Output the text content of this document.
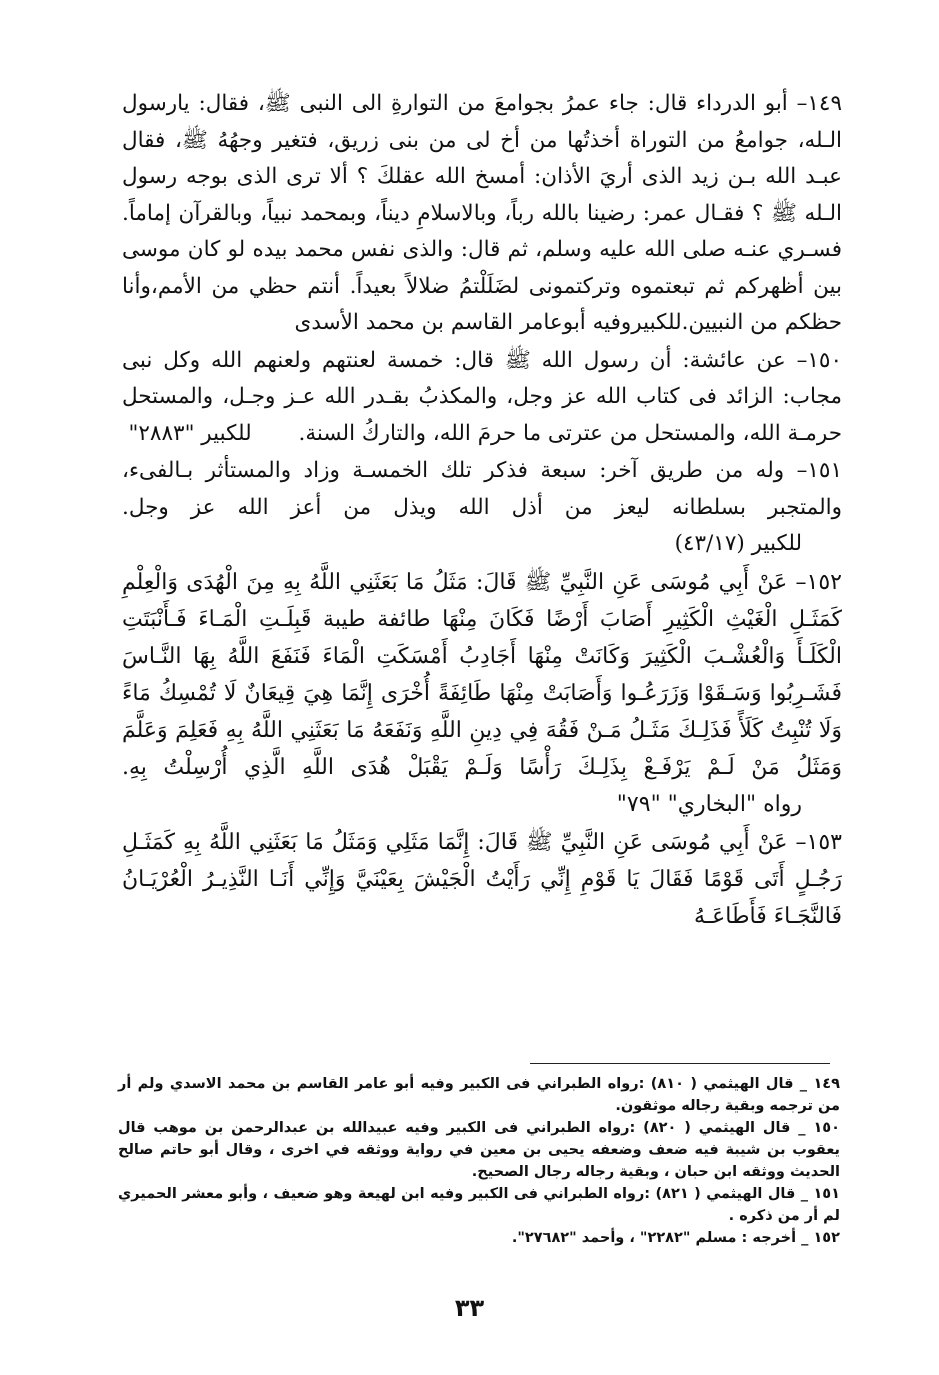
١٤٩– أبو الدرداء قال: جاء عمرُ بجوامعَ من التوارةِ الى النبى ﷺ، فقال: يارسول الـله، جوامعُ من التوراة أخذتُها من أخ لى من بنى زريق، فتغير وجهُهُ ﷺ، فقال عبـد الله بـن زيد الذى أريَ الأذان: أمسخ الله عقلكَ ؟ ألا ترى الذى بوجه رسول الـله ﷺ ؟ فقـال عمر: رضينا بالله رباً، وبالاسلامِ ديناً، وبمحمد نبياً، وبالقرآن إماماً. فسـري عنـه صلى الله عليه وسلم، ثم قال: والذى نفس محمد بيده لو كان موسى بين أظهركم ثم تبعتموه وتركتمونى لضَلَلْتمُ ضلالاً بعيداً. أنتم حظي من الأمم،وأنا حظكم من النبيين.للكبيروفيه أبوعامر القاسم بن محمد الأسدى

١٥٠– عن عائشة: أن رسول الله ﷺ قال: خمسة لعنتهم ولعنهم الله وكل نبى مجاب: الزائد فى كتاب الله عز وجل، والمكذبُ بقـدر الله عـز وجـل، والمستحل حرمـة الله، والمستحل من عترتى ما حرمَ الله، والتاركُ السنة. للكبير "٢٨٨٣"

١٥١– وله من طريق آخر: سبعة فذكر تلك الخمسـة وزاد والمستأثر بـالفىء، والمتجبر بسلطانه ليعز من أذل الله ويذل من أعز الله عز وجل. للكبير (٤٣/١٧)

١٥٢– عَنْ أَبِي مُوسَى عَنِ النَّبِيِّ ﷺ قَالَ: مَثَلُ مَا بَعَثَنِي اللَّهُ بِهِ مِنَ الْهُدَى وَالْعِلْمِ كَمَثَـلِ الْغَيْثِ الْكَثِيرِ أَصَابَ أَرْضًا فَكَانَ مِنْهَا طائفة طيبة قَبِلَـتِ الْمَـاءَ فَـأَنْبَتَتِ الْكَلَـأَ وَالْعُشْـبَ الْكَثِيرَ وَكَانَتْ مِنْهَا أَجَادِبُ أَمْسَكَتِ الْمَاءَ فَنَفَعَ اللَّهُ بِهَا النَّـاسَ فَشَـرِبُوا وَسَـقَوْا وَزَرَعُـوا وَأَصَابَتْ مِنْهَا طَائِفَةً أُخْرَى إِنَّمَا هِيَ قِيعَانٌ لَا تُمْسِكُ مَاءً وَلَا تُنْبِتُ كَلَأً فَذَلِـكَ مَثَـلُ مَـنْ فَقُهَ فِي دِينِ اللَّهِ وَنَفَعَهُ مَا بَعَثَنِي اللَّهُ بِهِ فَعَلِمَ وَعَلَّمَ وَمَثَلُ مَنْ لَـمْ يَرْفَـعْ بِذَلِـكَ رَأْسًا وَلَـمْ يَقْبَلْ هُدَى اللَّهِ الَّذِي أُرْسِلْتُ بِهِ. رواه "البخاري" "٧٩"

١٥٣– عَنْ أَبِي مُوسَى عَنِ النَّبِيِّ ﷺ قَالَ: إِنَّمَا مَثَلِي وَمَثَلُ مَا بَعَثَنِي اللَّهُ بِهِ كَمَثَـلِ رَجُـلٍ أَتَى قَوْمًا فَقَالَ يَا قَوْمِ إِنِّي رَأَيْتُ الْجَيْشَ بِعَيْنَيَّ وَإِنِّي أَنَـا النَّذِيـرُ الْعُرْيَـانُ فَالنَّجَـاءَ فَأَطَاعَـهُ

١٤٩ _ قال الهيثمي ( ٨١٠) :رواه الطبراني فى الكبير وفيه أبو عامر القاسم بن محمد الاسدي ولم أر من ترجمه وبقية رجاله موثقون.

١٥٠ _ قال الهيثمي ( ٨٢٠) :رواه الطبراني فى الكبير وفيه عبيدالله بن عبدالرحمن بن موهب قال يعقوب بن شيبة فيه ضعف وضعفه يحيى بن معين في رواية ووثقه في اخرى ، وقال أبو حاتم صالح الحديث ووثقه ابن حبان ، وبقية رجاله رجال الصحيح.

١٥١ _ قال الهيثمي ( ٨٢١) :رواه الطبراني فى الكبير وفيه ابن لهيعة وهو ضعيف ، وأبو معشر الحميري لم أر من ذكره .

١٥٢ _ أخرجه : مسلم "٢٢٨٢" ، وأحمد "٢٧٦٨٢".

٣٣
